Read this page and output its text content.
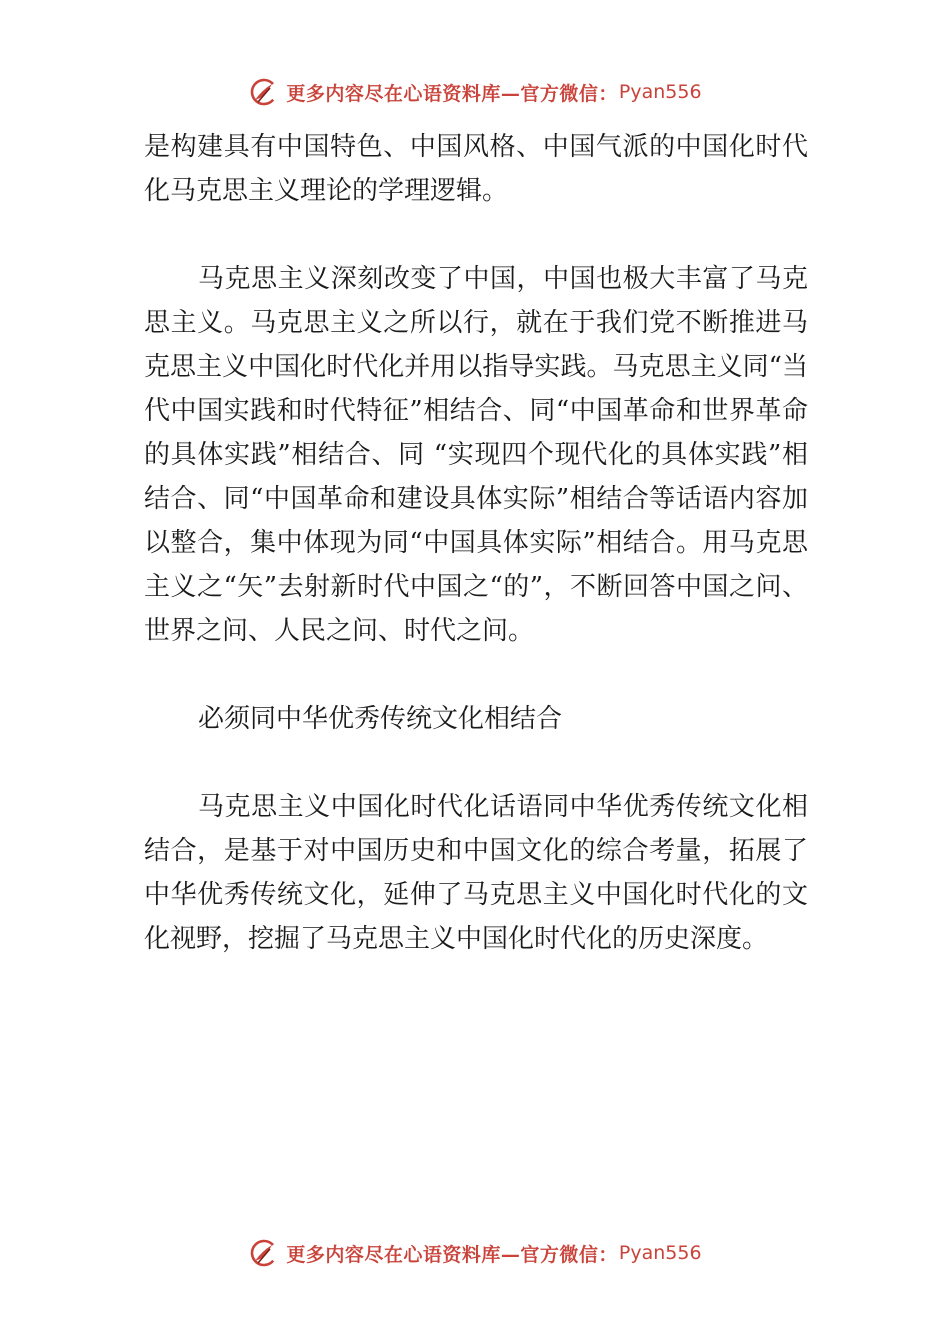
更多内容尽在心语资料库—官方微信： Pyan556

是构建具有中国特色、中国风格、中国气派的中国化时代化马克思主义理论的学理逻辑。

马克思主义深刻改变了中国，中国也极大丰富了马克思主义。马克思主义之所以行，就在于我们党不断推进马克思主义中国化时代化并用以指导实践。马克思主义同“当代中国实践和时代特征”相结合、同“中国革命和世界革命的具体实践”相结合、同 “实现四个现代化的具体实践”相结合、同“中国革命和建设具体实际”相结合等话语内容加以整合，集中体现为同“中国具体实际”相结合。用马克思主义之“矢”去射新时代中国之“的”，不断回答中国之问、世界之问、人民之问、时代之问。

必须同中华优秀传统文化相结合

马克思主义中国化时代化话语同中华优秀传统文化相结合，是基于对中国历史和中国文化的综合考量，拓展了中华优秀传统文化，延伸了马克思主义中国化时代化的文化视野，挖掘了马克思主义中国化时代化的历史深度。

更多内容尽在心语资料库—官方微信： Pyan556
